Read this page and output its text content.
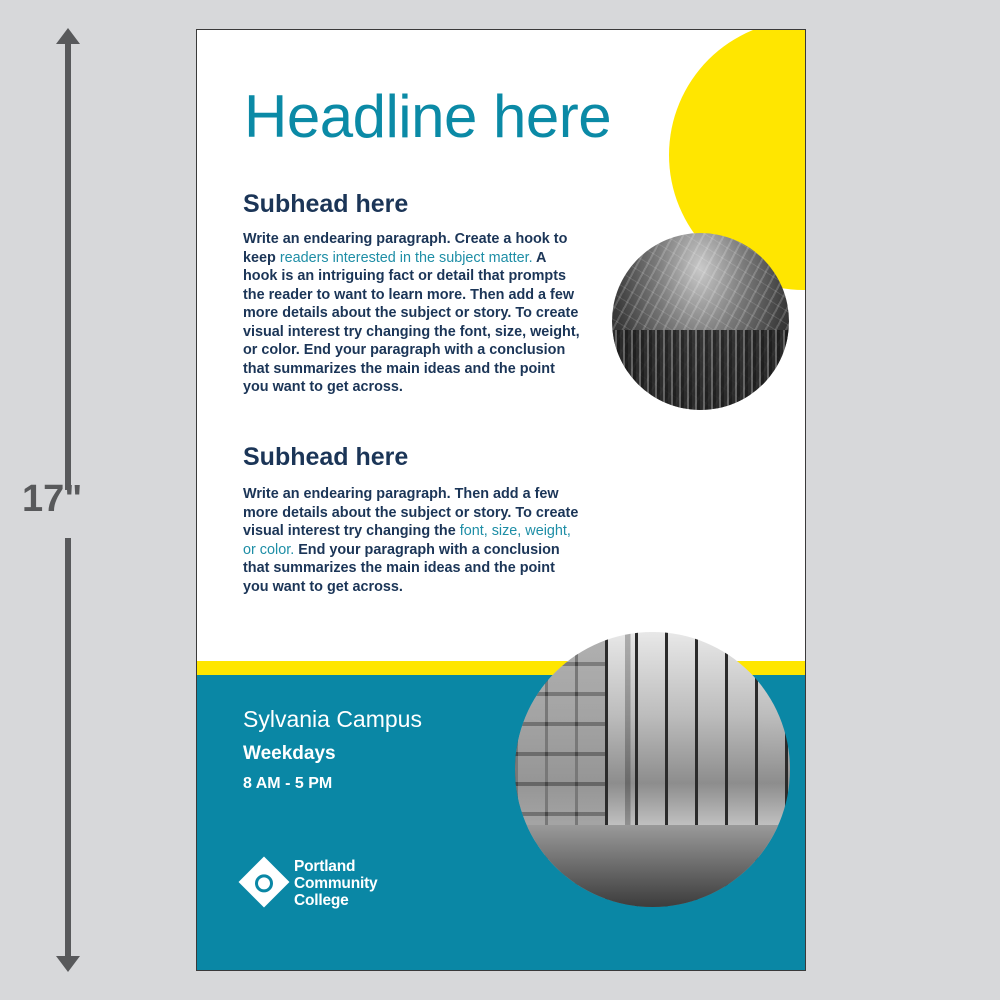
17"
Headline here
Subhead here

Write an endearing paragraph. Create a hook to keep readers interested in the subject matter. A hook is an intriguing fact or detail that prompts the reader to want to learn more. Then add a few more details about the subject or story. To create visual interest try changing the font, size, weight, or color. End your paragraph with a conclusion that summarizes the main ideas and the point you want to get across.

Subhead here

Write an endearing paragraph. Then add a few more details about the subject or story. To create visual interest try changing the font, size, weight, or color. End your paragraph with a conclusion that summarizes the main ideas and the point you want to get across.

Sylvania Campus

Weekdays

8 AM - 5 PM

Portland
Community
College
